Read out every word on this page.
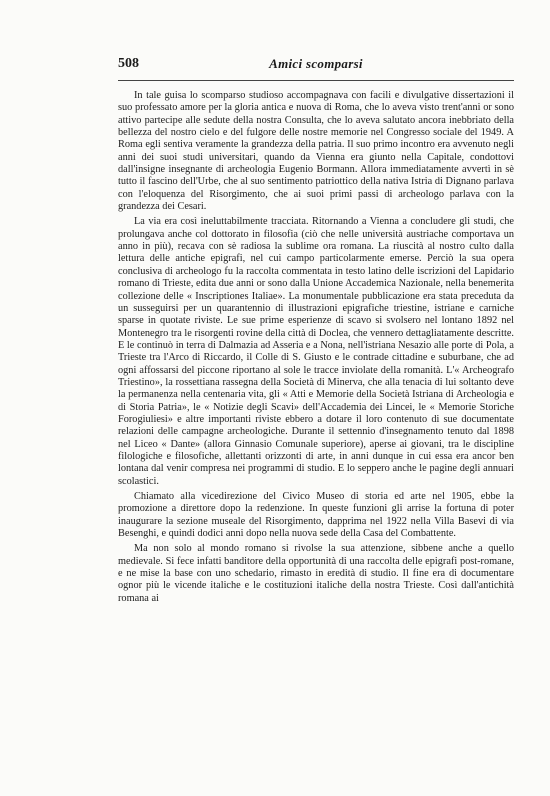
508	Amici scomparsi

In tale guisa lo scomparso studioso accompagnava con facili e divulgative dissertazioni il suo professato amore per la gloria antica e nuova di Roma, che lo aveva visto trent'anni or sono attivo partecipe alle sedute della nostra Consulta, che lo aveva salutato ancora inebbriato della bellezza del nostro cielo e del fulgore delle nostre memorie nel Congresso sociale del 1949. A Roma egli sentiva veramente la grandezza della patria. Il suo primo incontro era avvenuto negli anni dei suoi studi universitari, quando da Vienna era giunto nella Capitale, condottovi dall'insigne insegnante di archeologia Eugenio Bormann. Allora immediatamente avvertì in sè tutto il fascino dell'Urbe, che al suo sentimento patriottico della nativa Istria di Dignano parlava con l'eloquenza del Risorgimento, che ai suoi primi passi di archeologo parlava con la grandezza dei Cesari.

La via era così ineluttabilmente tracciata. Ritornando a Vienna a concludere gli studi, che prolungava anche col dottorato in filosofia (ciò che nelle università austriache comportava un anno in più), recava con sè radiosa la sublime ora romana. La riuscità al nostro culto dalla lettura delle antiche epigrafi, nel cui campo particolarmente emerse. Perciò la sua opera conclusiva di archeologo fu la raccolta commentata in testo latino delle iscrizioni del Lapidario romano di Trieste, edita due anni or sono dalla Unione Accademica Nazionale, nella benemerita collezione delle « Inscriptiones Italiae». La monumentale pubblicazione era stata preceduta da un susseguirsi per un quarantennio di illustrazioni epigrafiche triestine, istriane e carniche sparse in quotate riviste. Le sue prime esperienze di scavo si svolsero nel lontano 1892 nel Montenegro tra le risorgenti rovine della città di Doclea, che vennero dettagliatamente descritte. E le continuò in terra di Dalmazia ad Asseria e a Nona, nell'istriana Nesazio alle porte di Pola, a Trieste tra l'Arco di Riccardo, il Colle di S. Giusto e le contrade cittadine e suburbane, che ad ogni affossarsi del piccone riportano al sole le tracce inviolate della romanità. L'« Archeografo Triestino», la rossettiana rassegna della Società di Minerva, che alla tenacia di lui soltanto deve la permanenza nella centenaria vita, gli « Atti e Memorie della Società Istriana di Archeologia e di Storia Patria», le « Notizie degli Scavi» dell'Accademia dei Lincei, le « Memorie Storiche Forogiuliesi» e altre importanti riviste ebbero a dotare il loro contenuto di sue documentate relazioni delle campagne archeologiche. Durante il settennio d'insegnamento tenuto dal 1898 nel Liceo « Dante» (allora Ginnasio Comunale superiore), aperse ai giovani, tra le discipline filologiche e filosofiche, allettanti orizzonti di arte, in anni dunque in cui essa era ancor ben lontana dal venir compresa nei programmi di studio. E lo seppero anche le pagine degli annuari scolastici.

Chiamato alla vicedirezione del Civico Museo di storia ed arte nel 1905, ebbe la promozione a direttore dopo la redenzione. In queste funzioni gli arrise la fortuna di poter inaugurare la sezione museale del Risorgimento, dapprima nel 1922 nella Villa Basevi di via Besenghi, e quindi dodici anni dopo nella nuova sede della Casa del Combattente.

Ma non solo al mondo romano si rivolse la sua attenzione, sibbene anche a quello medievale. Si fece infatti banditore della opportunità di una raccolta delle epigrafi post-romane, e ne mise la base con uno schedario, rimasto in eredità di studio. Il fine era di documentare ognor più le vicende italiche e le costituzioni italiche della nostra Trieste. Così dall'antichità romana ai
